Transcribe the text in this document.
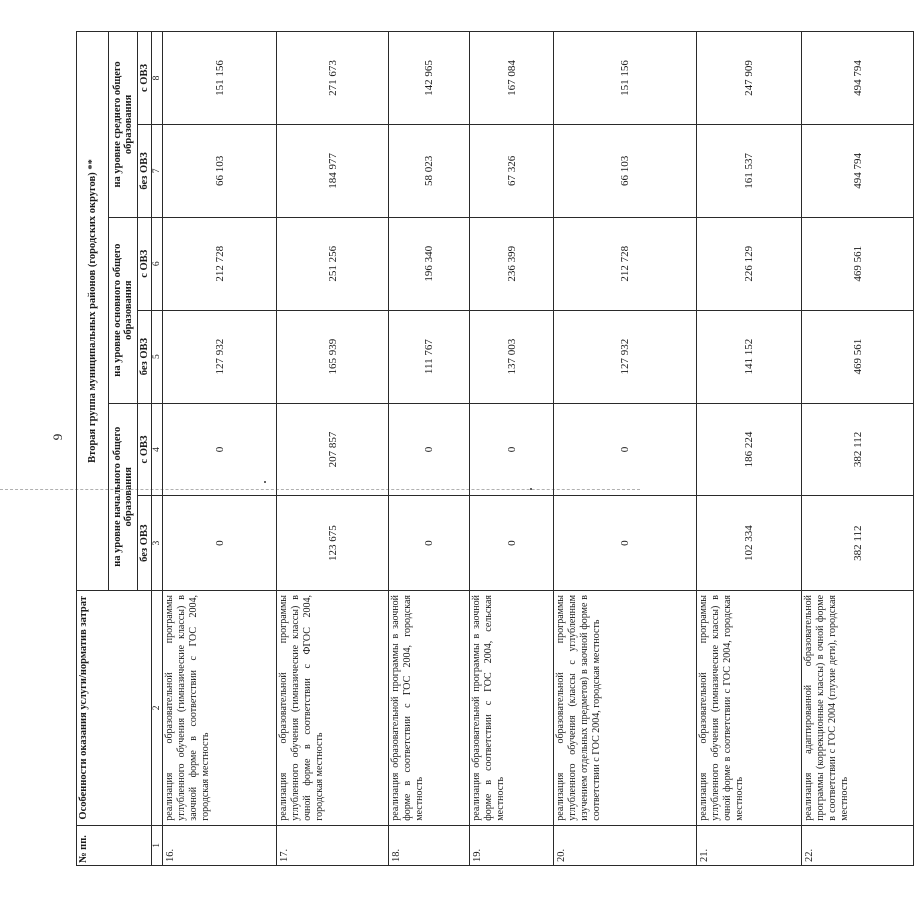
9
№ пп.	Особенности оказания услуги/норматив затрат	Вторая группа муниципальных районов (городских округов) **					
		на уровне начального общего образования		на уровне основного общего образования		на уровне среднего общего образования	
		без ОВЗ	с ОВЗ	без ОВЗ	с ОВЗ	без ОВЗ	с ОВЗ
1	2	3	4	5	6	7	8
16.	реализация образовательной программы углубленного обучения (гимназические классы) в заочной форме в соответствии с ГОС 2004, городская местность	0	0	127 932	212 728	66 103	151 156
17.	реализация образовательной программы углубленного обучения (гимназические классы) в очной форме в соответствии с ФГОС 2004, городская местность	123 675	207 857	165 939	251 256	184 977	271 673
18.	реализация образовательной программы в заочной форме в соответствии с ГОС 2004, городская местность	0	0	111 767	196 340	58 023	142 965
19.	реализация образовательной программы в заочной форме в соответствии с ГОС 2004, сельская местность	0	0	137 003	236 399	67 326	167 084
20.	реализация образовательной программы углубленного обучения (классы с углубленным изучением отдельных предметов) в заочной форме в соответствии с ГОС 2004, городская местность	0	0	127 932	212 728	66 103	151 156
21.	реализация образовательной программы углубленного обучения (гимназические классы) в очной форме в соответствии с ГОС 2004, городская местность	102 334	186 224	141 152	226 129	161 537	247 909
22.	реализация адаптированной образовательной программы (коррекционные классы) в очной форме в соответствии с ГОС 2004 (глухие дети), городская местность	382 112	382 112	469 561	469 561	494 794	494 794
